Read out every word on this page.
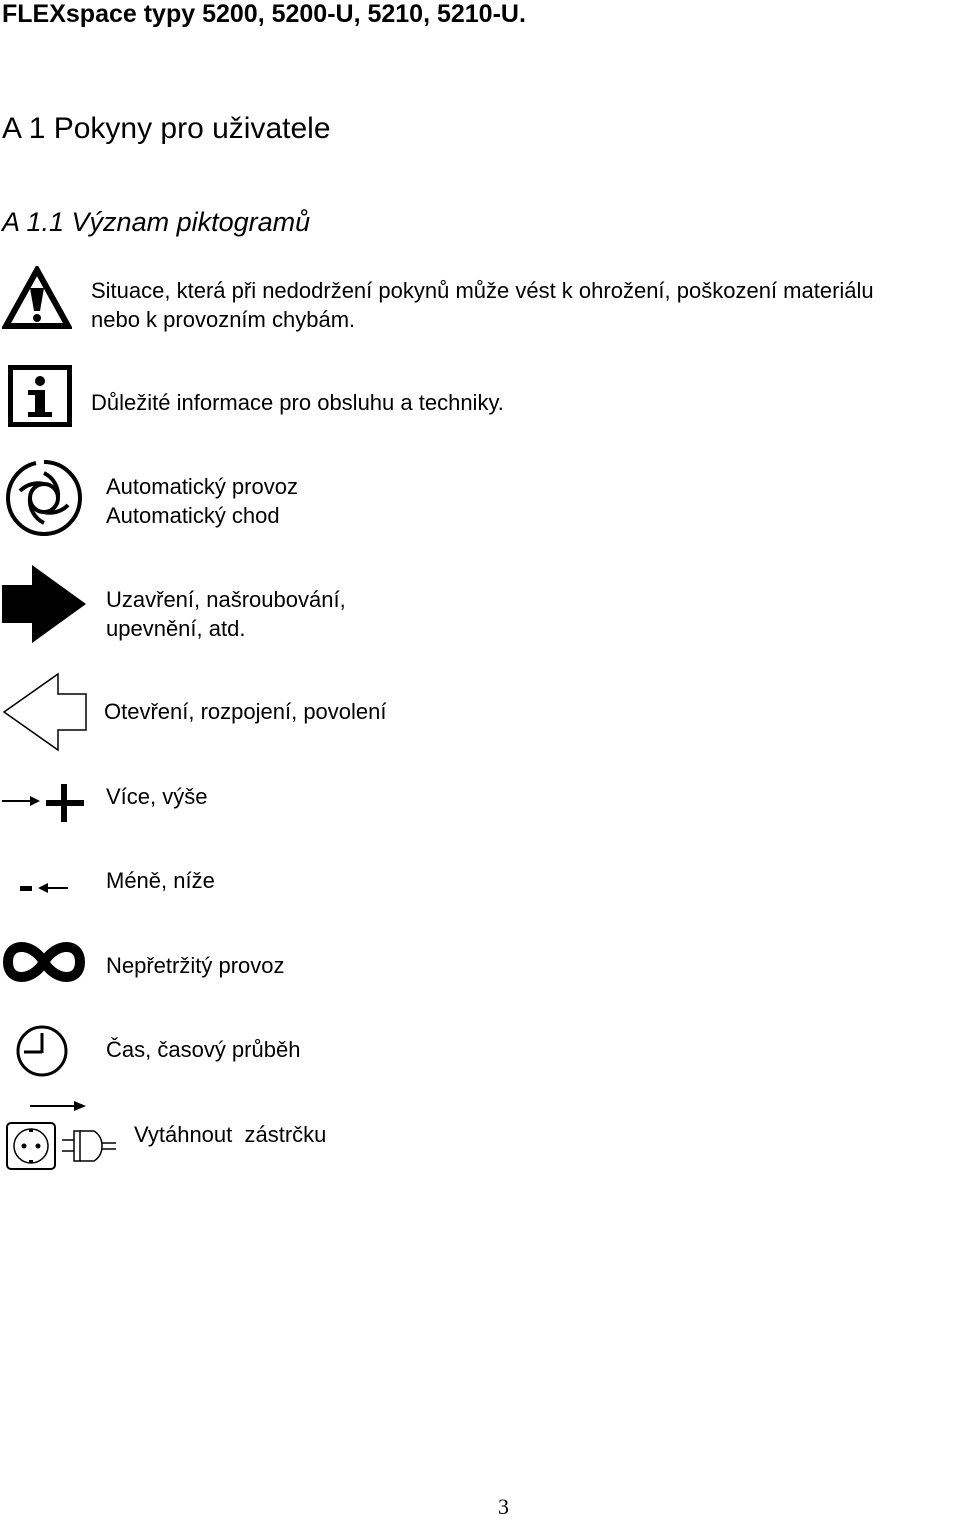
FLEXspace typy 5200, 5200-U, 5210, 5210-U.
A 1 Pokyny pro uživatele
A 1.1 Význam piktogramů
Situace, která při nedodržení pokynů může vést k ohrožení, poškození materiálu
nebo k provozním chybám.
Důležité informace pro obsluhu a techniky.
Automatický provoz
Automatický chod
Uzavření, našroubování,
upevnění, atd.
Otevření, rozpojení, povolení
Více, výše
Méně, níže
Nepřetržitý provoz
Čas, časový průběh
Vytáhnout  zástrčku
3
